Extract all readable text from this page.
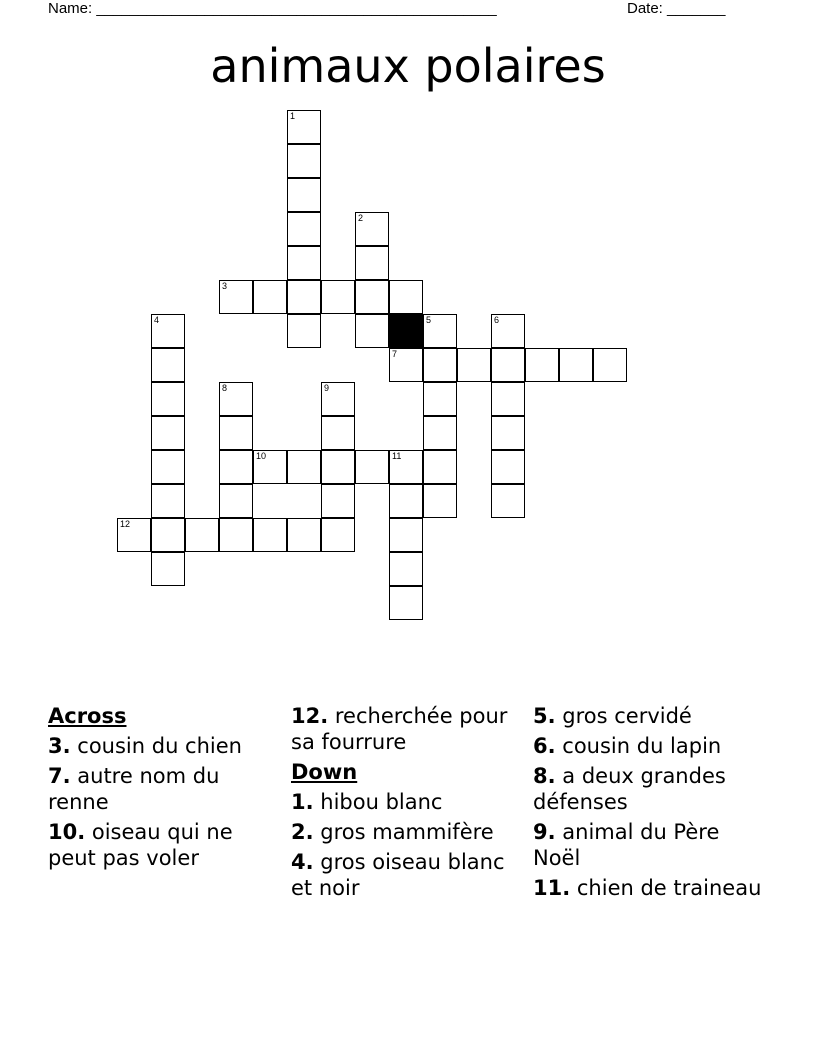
Name: ________________________________________________	Date: _______
animaux polaires
1
2
3
4	5	6
7
8	9
10	11
12
Across
3. cousin du chien
7. autre nom du renne
10. oiseau qui ne peut pas voler
12. recherchée pour sa fourrure
Down
1. hibou blanc
2. gros mammifère
4. gros oiseau blanc et noir
5. gros cervidé
6. cousin du lapin
8. a deux grandes défenses
9. animal du Père Noël
11. chien de traineau
